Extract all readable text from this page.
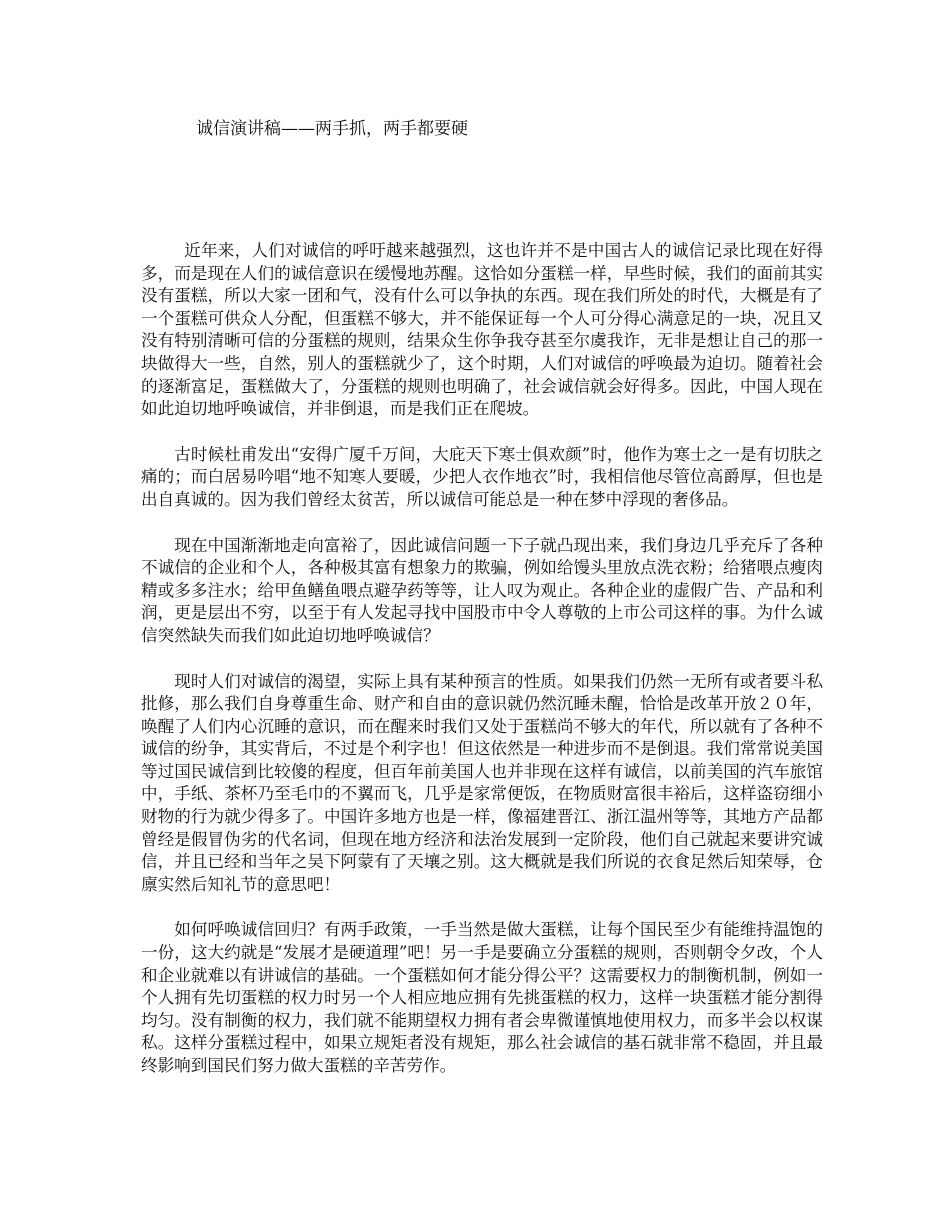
诚信演讲稿——两手抓，两手都要硬

近年来，人们对诚信的呼吁越来越强烈，这也许并不是中国古人的诚信记录比现在好得多，而是现在人们的诚信意识在缓慢地苏醒。这恰如分蛋糕一样，早些时候，我们的面前其实没有蛋糕，所以大家一团和气，没有什么可以争执的东西。现在我们所处的时代，大概是有了一个蛋糕可供众人分配，但蛋糕不够大，并不能保证每一个人可分得心满意足的一块，况且又没有特别清晰可信的分蛋糕的规则，结果众生你争我夺甚至尔虞我诈，无非是想让自己的那一块做得大一些，自然，别人的蛋糕就少了，这个时期，人们对诚信的呼唤最为迫切。随着社会的逐渐富足，蛋糕做大了，分蛋糕的规则也明确了，社会诚信就会好得多。因此，中国人现在如此迫切地呼唤诚信，并非倒退，而是我们正在爬坡。

古时候杜甫发出“安得广厦千万间，大庇天下寒士俱欢颜”时，他作为寒士之一是有切肤之痛的；而白居易吟唱“地不知寒人要暖，少把人衣作地衣”时，我相信他尽管位高爵厚，但也是出自真诚的。因为我们曾经太贫苦，所以诚信可能总是一种在梦中浮现的奢侈品。

现在中国渐渐地走向富裕了，因此诚信问题一下子就凸现出来，我们身边几乎充斥了各种不诚信的企业和个人，各种极其富有想象力的欺骗，例如给馒头里放点洗衣粉；给猪喂点瘦肉精或多多注水；给甲鱼鳝鱼喂点避孕药等等，让人叹为观止。各种企业的虚假广告、产品和利润，更是层出不穷，以至于有人发起寻找中国股市中令人尊敬的上市公司这样的事。为什么诚信突然缺失而我们如此迫切地呼唤诚信？

现时人们对诚信的渴望，实际上具有某种预言的性质。如果我们仍然一无所有或者要斗私批修，那么我们自身尊重生命、财产和自由的意识就仍然沉睡未醒，恰恰是改革开放２０年，唤醒了人们内心沉睡的意识，而在醒来时我们又处于蛋糕尚不够大的年代，所以就有了各种不诚信的纷争，其实背后，不过是个利字也！但这依然是一种进步而不是倒退。我们常常说美国等过国民诚信到比较傻的程度，但百年前美国人也并非现在这样有诚信，以前美国的汽车旅馆中，手纸、茶杯乃至毛巾的不翼而飞，几乎是家常便饭，在物质财富很丰裕后，这样盗窃细小财物的行为就少得多了。中国许多地方也是一样，像福建晋江、浙江温州等等，其地方产品都曾经是假冒伪劣的代名词，但现在地方经济和法治发展到一定阶段，他们自己就起来要讲究诚信，并且已经和当年之吴下阿蒙有了天壤之别。这大概就是我们所说的衣食足然后知荣辱，仓廪实然后知礼节的意思吧！

如何呼唤诚信回归？有两手政策，一手当然是做大蛋糕，让每个国民至少有能维持温饱的一份，这大约就是“发展才是硬道理”吧！另一手是要确立分蛋糕的规则，否则朝令夕改，个人和企业就难以有讲诚信的基础。一个蛋糕如何才能分得公平？这需要权力的制衡机制，例如一个人拥有先切蛋糕的权力时另一个人相应地应拥有先挑蛋糕的权力，这样一块蛋糕才能分割得均匀。没有制衡的权力，我们就不能期望权力拥有者会卑微谨慎地使用权力，而多半会以权谋私。这样分蛋糕过程中，如果立规矩者没有规矩，那么社会诚信的基石就非常不稳固，并且最终影响到国民们努力做大蛋糕的辛苦劳作。
